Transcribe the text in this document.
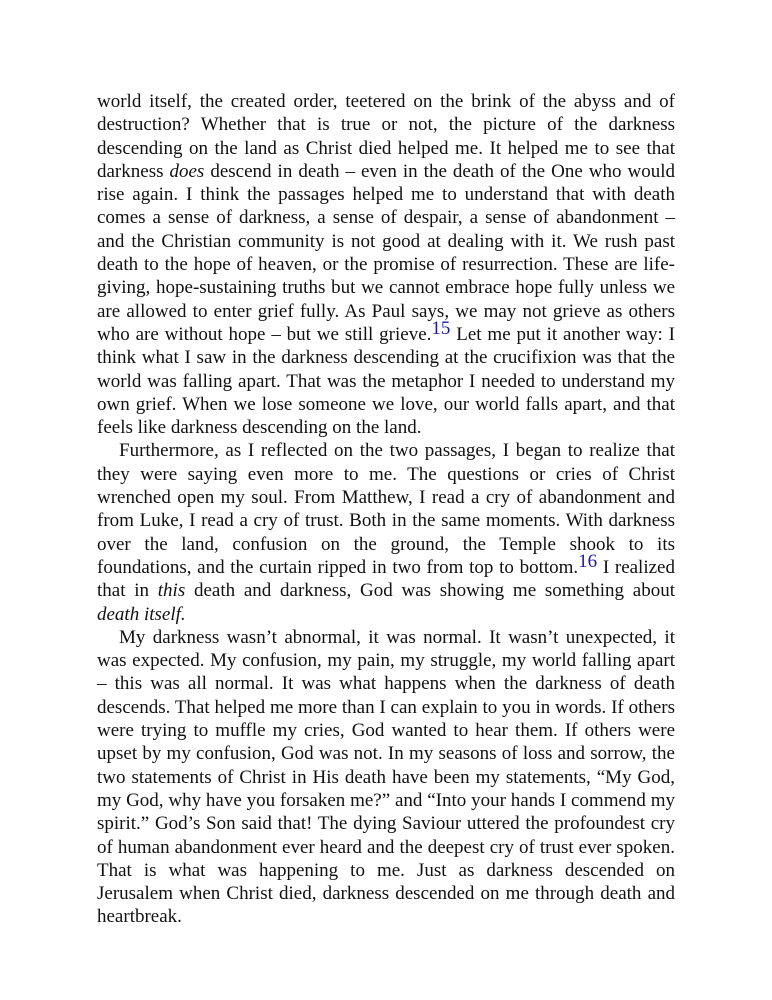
world itself, the created order, teetered on the brink of the abyss and of destruction? Whether that is true or not, the picture of the darkness descending on the land as Christ died helped me. It helped me to see that darkness does descend in death – even in the death of the One who would rise again. I think the passages helped me to understand that with death comes a sense of darkness, a sense of despair, a sense of abandonment – and the Christian community is not good at dealing with it. We rush past death to the hope of heaven, or the promise of resurrection. These are life-giving, hope-sustaining truths but we cannot embrace hope fully unless we are allowed to enter grief fully. As Paul says, we may not grieve as others who are without hope – but we still grieve.15 Let me put it another way: I think what I saw in the darkness descending at the crucifixion was that the world was falling apart. That was the metaphor I needed to understand my own grief. When we lose someone we love, our world falls apart, and that feels like darkness descending on the land.

Furthermore, as I reflected on the two passages, I began to realize that they were saying even more to me. The questions or cries of Christ wrenched open my soul. From Matthew, I read a cry of abandonment and from Luke, I read a cry of trust. Both in the same moments. With darkness over the land, confusion on the ground, the Temple shook to its foundations, and the curtain ripped in two from top to bottom.16 I realized that in this death and darkness, God was showing me something about death itself.

My darkness wasn’t abnormal, it was normal. It wasn’t unexpected, it was expected. My confusion, my pain, my struggle, my world falling apart – this was all normal. It was what happens when the darkness of death descends. That helped me more than I can explain to you in words. If others were trying to muffle my cries, God wanted to hear them. If others were upset by my confusion, God was not. In my seasons of loss and sorrow, the two statements of Christ in His death have been my statements, “My God, my God, why have you forsaken me?” and “Into your hands I commend my spirit.” God’s Son said that! The dying Saviour uttered the profoundest cry of human abandonment ever heard and the deepest cry of trust ever spoken. That is what was happening to me. Just as darkness descended on Jerusalem when Christ died, darkness descended on me through death and heartbreak.
